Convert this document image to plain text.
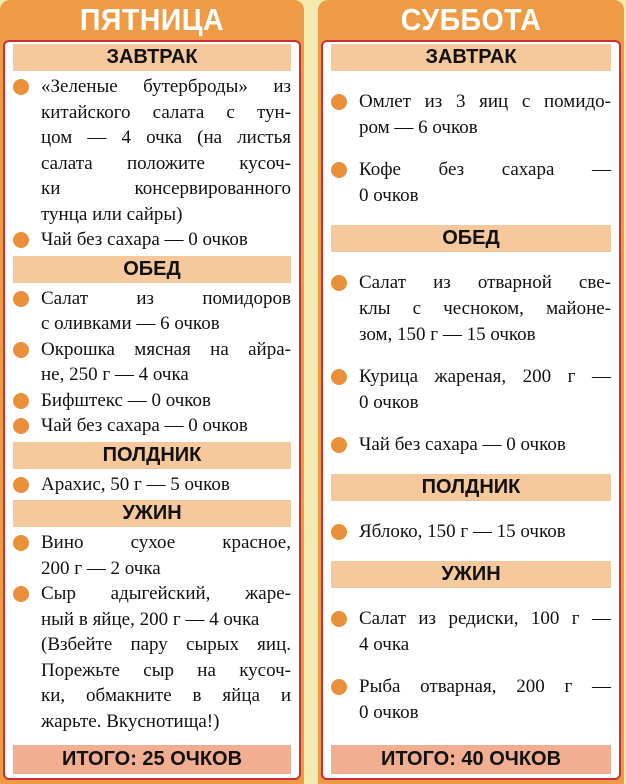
ПЯТНИЦА
ЗАВТРАК
«Зеленые бутерброды» из
китайского салата с тун-
цом — 4 очка (на листья
салата положите кусоч-
ки консервированного
тунца или сайры)
Чай без сахара — 0 очков
ОБЕД
Салат из помидоров
с оливками — 6 очков
Окрошка мясная на айра-
не, 250 г — 4 очка
Бифштекс — 0 очков
Чай без сахара — 0 очков
ПОЛДНИК
Арахис, 50 г — 5 очков
УЖИН
Вино сухое красное,
200 г — 2 очка
Сыр адыгейский, жаре-
ный в яйце, 200 г — 4 очка
(Взбейте пару сырых яиц.
Порежьте сыр на кусоч-
ки, обмакните в яйца и
жарьте. Вкуснотища!)
ИТОГО: 25 ОЧКОВ
СУББОТА
ЗАВТРАК
Омлет из 3 яиц с помидо-
ром — 6 очков
Кофе без сахара —
0 очков
ОБЕД
Салат из отварной све-
клы с чесноком, майоне-
зом, 150 г — 15 очков
Курица жареная, 200 г —
0 очков
Чай без сахара — 0 очков
ПОЛДНИК
Яблоко, 150 г — 15 очков
УЖИН
Салат из редиски, 100 г —
4 очка
Рыба отварная, 200 г —
0 очков
ИТОГО: 40 ОЧКОВ
